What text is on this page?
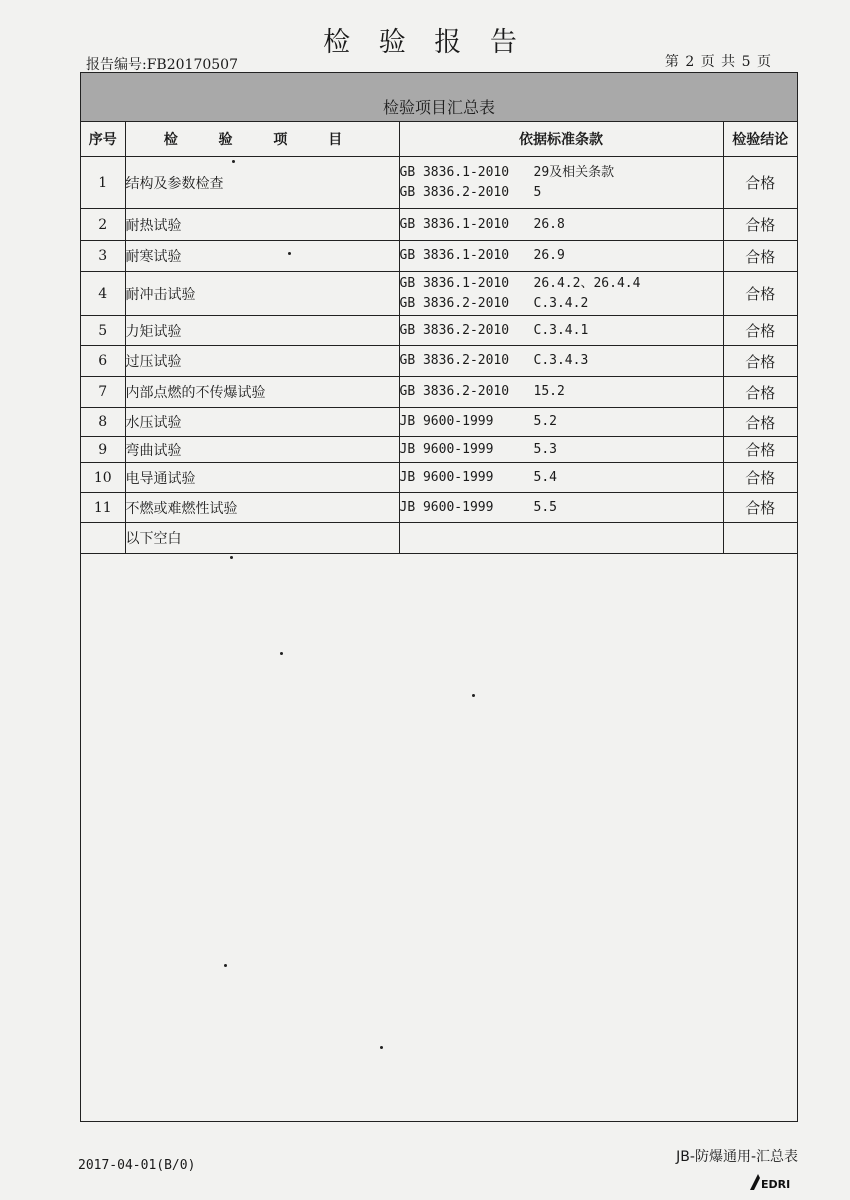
检 验 报 告
报告编号:FB20170507	第 2 页 共 5 页
检验项目汇总表
序号	检 验 项 目	依据标准条款	检验结论
1	结构及参数检查	GB 3836.1-2010 29及相关条款
GB 3836.2-2010 5	合格
2	耐热试验	GB 3836.1-2010 26.8	合格
3	耐寒试验	GB 3836.1-2010 26.9	合格
4	耐冲击试验	GB 3836.1-2010 26.4.2、26.4.4
GB 3836.2-2010 C.3.4.2	合格
5	力矩试验	GB 3836.2-2010 C.3.4.1	合格
6	过压试验	GB 3836.2-2010 C.3.4.3	合格
7	内部点燃的不传爆试验	GB 3836.2-2010 15.2	合格
8	水压试验	JB 9600-1999 5.2	合格
9	弯曲试验	JB 9600-1999 5.3	合格
10	电导通试验	JB 9600-1999 5.4	合格
11	不燃或难燃性试验	JB 9600-1999 5.5	合格
	以下空白		
2017-04-01(B/0)
JB-防爆通用-汇总表
EDRI
